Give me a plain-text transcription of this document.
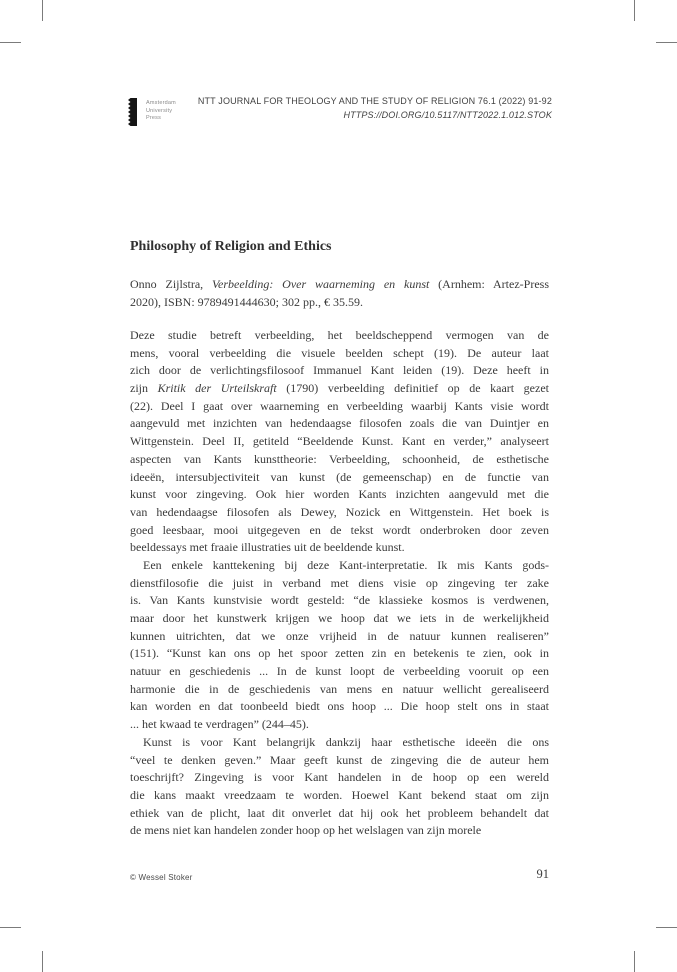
Amsterdam
University
Press
NTT JOURNAL FOR THEOLOGY AND THE STUDY OF RELIGION 76.1 (2022) 91-92
HTTPS://DOI.ORG/10.5117/NTT2022.1.012.STOK
Philosophy of Religion and Ethics
Onno Zijlstra, Verbeelding: Over waarneming en kunst (Arnhem: Artez-Press
2020), ISBN: 9789491444630; 302 pp., € 35.59.
Deze studie betreft verbeelding, het beeldscheppend vermogen van de
mens, vooral verbeelding die visuele beelden schept (19). De auteur laat
zich door de verlichtingsfilosoof Immanuel Kant leiden (19). Deze heeft in
zijn Kritik der Urteilskraft (1790) verbeelding definitief op de kaart gezet
(22). Deel I gaat over waarneming en verbeelding waarbij Kants visie wordt
aangevuld met inzichten van hedendaagse filosofen zoals die van Duintjer en
Wittgenstein. Deel II, getiteld “Beeldende Kunst. Kant en verder,” analyseert
aspecten van Kants kunsttheorie: Verbeelding, schoonheid, de esthetische
ideeën, intersubjectiviteit van kunst (de gemeenschap) en de functie van
kunst voor zingeving. Ook hier worden Kants inzichten aangevuld met die
van hedendaagse filosofen als Dewey, Nozick en Wittgenstein. Het boek is
goed leesbaar, mooi uitgegeven en de tekst wordt onderbroken door zeven
beeldessays met fraaie illustraties uit de beeldende kunst.
Een enkele kanttekening bij deze Kant-interpretatie. Ik mis Kants gods-
dienstfilosofie die juist in verband met diens visie op zingeving ter zake
is. Van Kants kunstvisie wordt gesteld: “de klassieke kosmos is verdwenen,
maar door het kunstwerk krijgen we hoop dat we iets in de werkelijkheid
kunnen uitrichten, dat we onze vrijheid in de natuur kunnen realiseren”
(151). “Kunst kan ons op het spoor zetten zin en betekenis te zien, ook in
natuur en geschiedenis ... In de kunst loopt de verbeelding vooruit op een
harmonie die in de geschiedenis van mens en natuur wellicht gerealiseerd
kan worden en dat toonbeeld biedt ons hoop ... Die hoop stelt ons in staat
... het kwaad te verdragen” (244–45).
Kunst is voor Kant belangrijk dankzij haar esthetische ideeën die ons
“veel te denken geven.” Maar geeft kunst de zingeving die de auteur hem
toeschrijft? Zingeving is voor Kant handelen in de hoop op een wereld
die kans maakt vreedzaam te worden. Hoewel Kant bekend staat om zijn
ethiek van de plicht, laat dit onverlet dat hij ook het probleem behandelt dat
de mens niet kan handelen zonder hoop op het welslagen van zijn morele
© Wessel Stoker	91
